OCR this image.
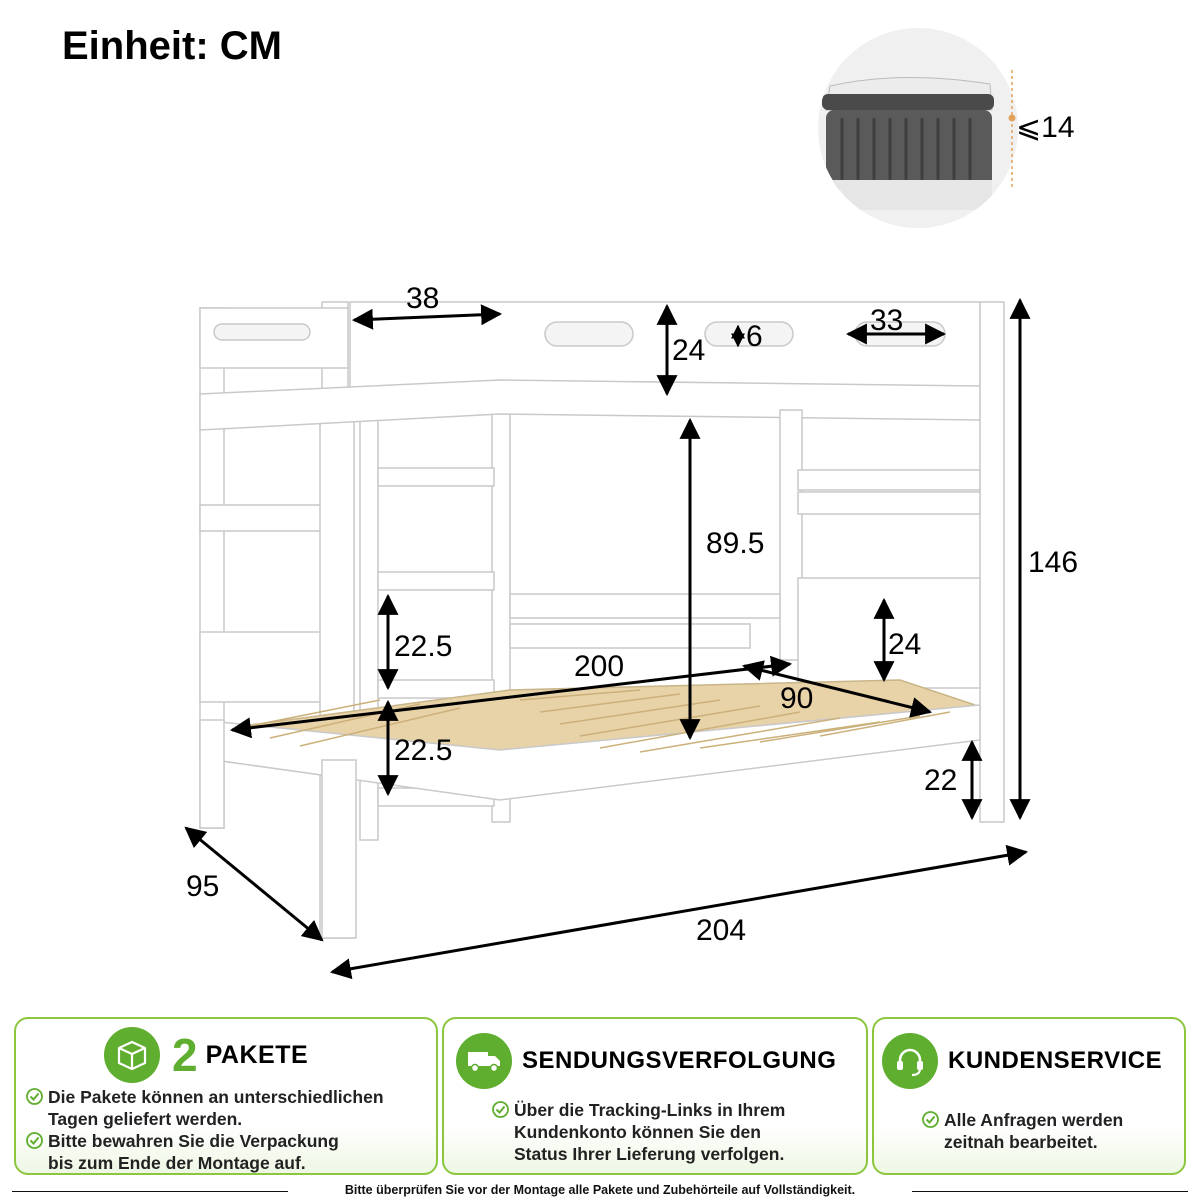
Einheit: CM
⩽14
38
24 6	33
146
89.5
22.5
22.5
24
200
90
22
95
204
2 PAKETE

Die Pakete können an unterschiedlichen
Tagen geliefert werden.

Bitte bewahren Sie die Verpackung
bis zum Ende der Montage auf.

SENDUNGSVERFOLGUNG

Über die Tracking-Links in Ihrem
Kundenkonto können Sie den
Status Ihrer Lieferung verfolgen.

KUNDENSERVICE

Alle Anfragen werden
zeitnah bearbeitet.

Bitte überprüfen Sie vor der Montage alle Pakete und Zubehörteile auf Vollständigkeit.
